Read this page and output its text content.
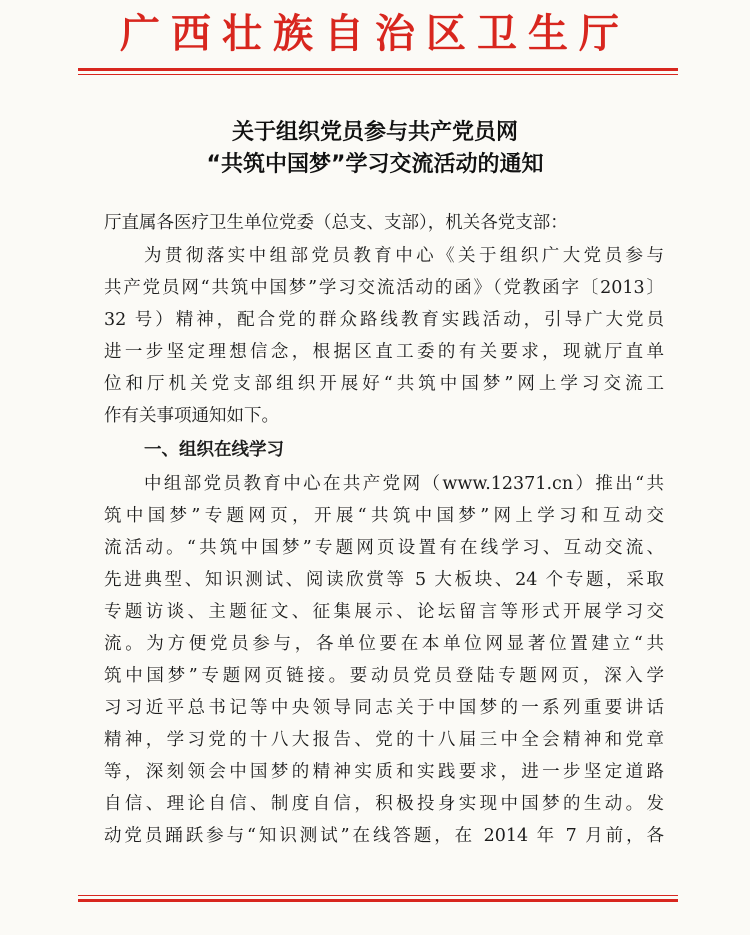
广西壮族自治区卫生厅
关于组织党员参与共产党员网
“共筑中国梦”学习交流活动的通知
厅直属各医疗卫生单位党委（总支、支部），机关各党支部：
为贯彻落实中组部党员教育中心《关于组织广大党员参与
共产党员网“共筑中国梦”学习交流活动的函》（党教函字〔2013〕
32 号）精神，配合党的群众路线教育实践活动，引导广大党员
进一步坚定理想信念，根据区直工委的有关要求，现就厅直单
位和厅机关党支部组织开展好“共筑中国梦”网上学习交流工
作有关事项通知如下。
一、组织在线学习
中组部党员教育中心在共产党网（www.12371.cn）推出“共
筑中国梦”专题网页，开展“共筑中国梦”网上学习和互动交
流活动。“共筑中国梦”专题网页设置有在线学习、互动交流、
先进典型、知识测试、阅读欣赏等 5 大板块、24 个专题，采取
专题访谈、主题征文、征集展示、论坛留言等形式开展学习交
流。为方便党员参与，各单位要在本单位网显著位置建立“共
筑中国梦”专题网页链接。要动员党员登陆专题网页，深入学
习习近平总书记等中央领导同志关于中国梦的一系列重要讲话
精神，学习党的十八大报告、党的十八届三中全会精神和党章
等，深刻领会中国梦的精神实质和实践要求，进一步坚定道路
自信、理论自信、制度自信，积极投身实现中国梦的生动。发
动党员踊跃参与“知识测试”在线答题，在 2014 年 7 月前，各
